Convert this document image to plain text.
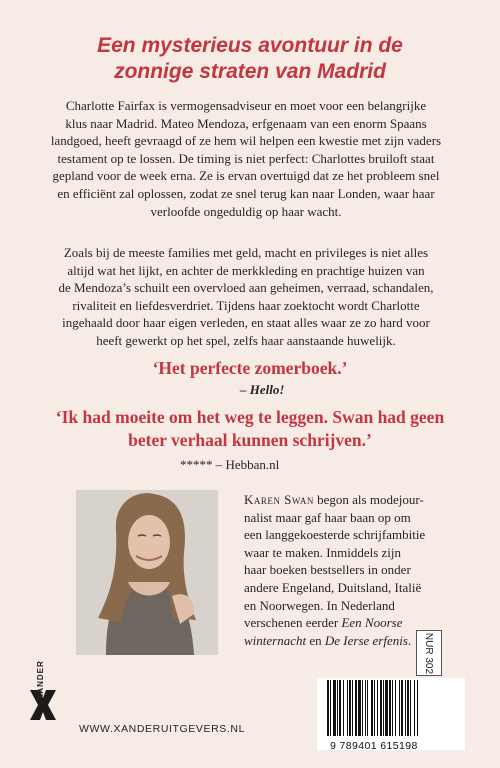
Een mysterieus avontuur in de
zonnige straten van Madrid
Charlotte Fairfax is vermogensadviseur en moet voor een belangrijke
klus naar Madrid. Mateo Mendoza, erfgenaam van een enorm Spaans
landgoed, heeft gevraagd of ze hem wil helpen een kwestie met zijn vaders
testament op te lossen. De timing is niet perfect: Charlottes bruiloft staat
gepland voor de week erna. Ze is ervan overtuigd dat ze het probleem snel
en efficiënt zal oplossen, zodat ze snel terug kan naar Londen, waar haar
verloofde ongeduldig op haar wacht.
Zoals bij de meeste families met geld, macht en privileges is niet alles
altijd wat het lijkt, en achter de merkkleding en prachtige huizen van
de Mendoza’s schuilt een overvloed aan geheimen, verraad, schandalen,
rivaliteit en liefdesverdriet. Tijdens haar zoektocht wordt Charlotte
ingehaald door haar eigen verleden, en staat alles waar ze zo hard voor
heeft gewerkt op het spel, zelfs haar aanstaande huwelijk.
‘Het perfecte zomerboek.’
– Hello!
‘Ik had moeite om het weg te leggen. Swan had geen
beter verhaal kunnen schrijven.’
***** – Hebban.nl
Karen Swan begon als modejour-
nalist maar gaf haar baan op om
een langgekoesterde schrijfambitie
waar te maken. Inmiddels zijn
haar boeken bestsellers in onder
andere Engeland, Duitsland, Italië
en Noorwegen. In Nederland
verschenen eerder Een Noorse
winternacht en De Ierse erfenis.	NUR 302
9 789401 615198
XANDER
WWW.XANDERUITGEVERS.NL
